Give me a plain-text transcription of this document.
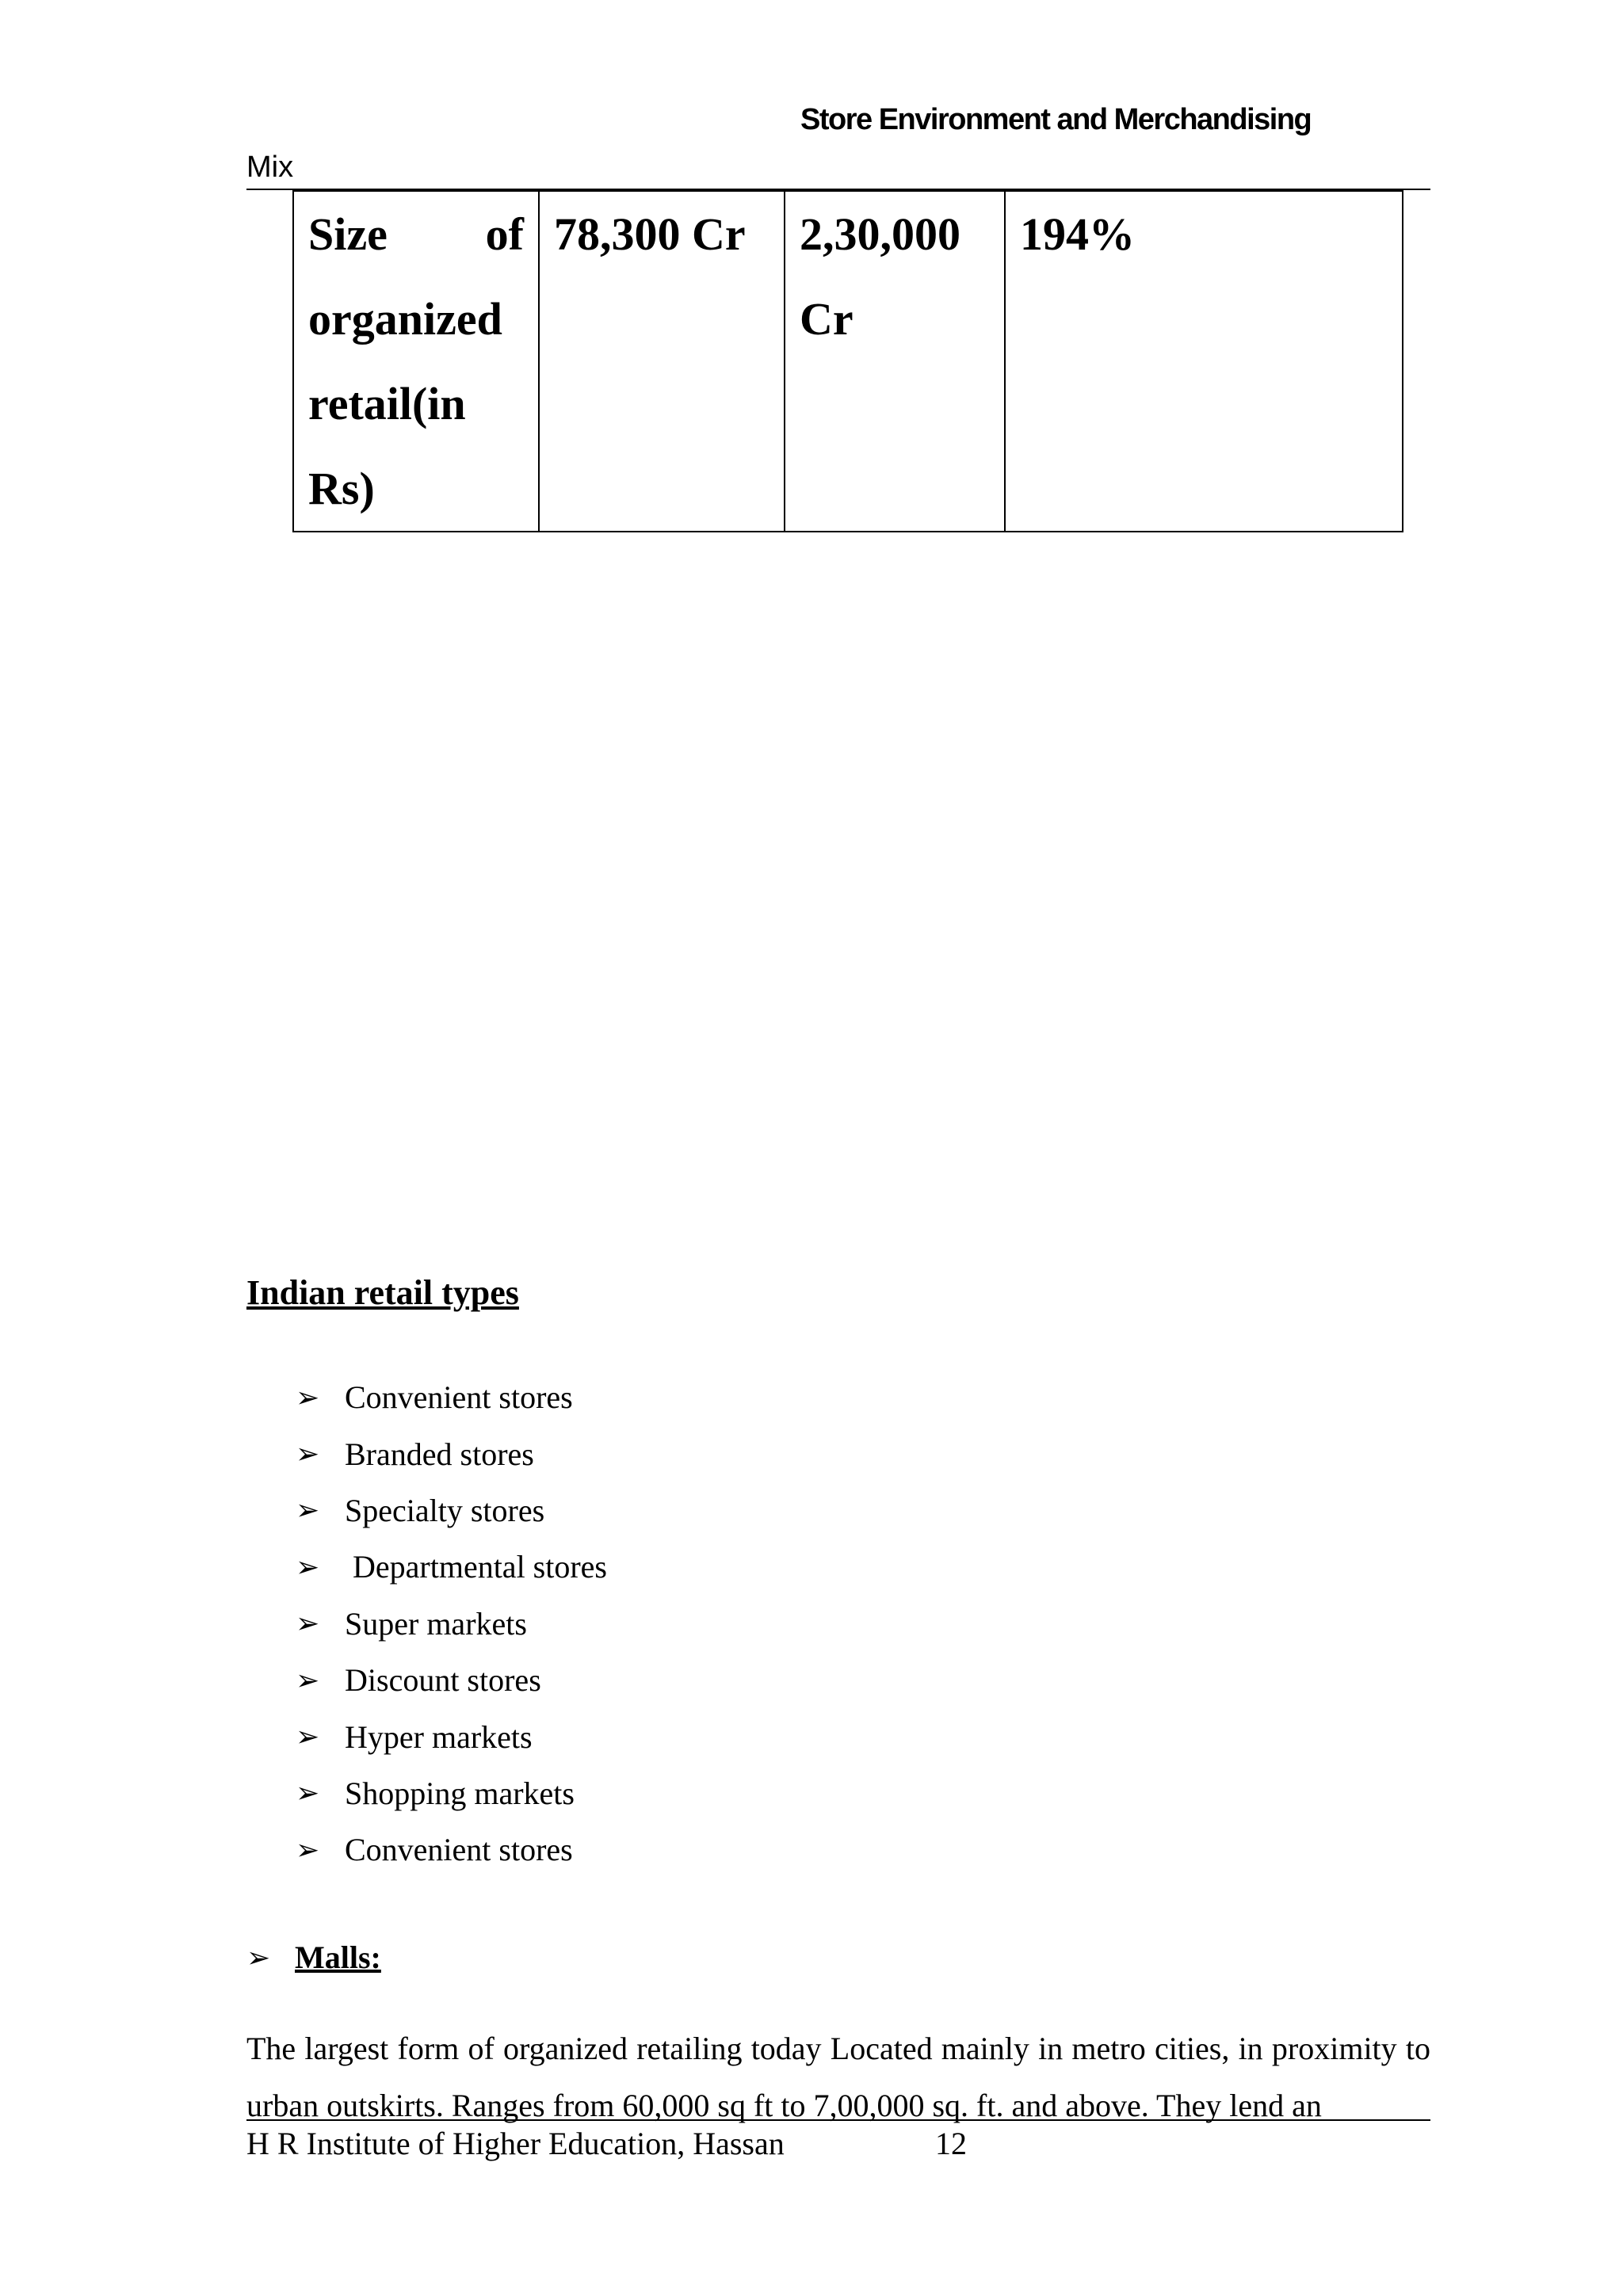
Store Environment and Merchandising
Mix
Size of organized retail(in Rs)	78,300 Cr	2,30,000 Cr	194%
Indian retail types
➢ Convenient stores
➢ Branded stores
➢ Specialty stores
➢ Departmental stores
➢ Super markets
➢ Discount stores
➢ Hyper markets
➢ Shopping markets
➢ Convenient stores
➢ Malls:

The largest form of organized retailing today Located mainly in metro cities, in proximity to urban outskirts. Ranges from 60,000 sq ft to 7,00,000 sq. ft. and above. They lend an

H R Institute of Higher Education, Hassan	12
